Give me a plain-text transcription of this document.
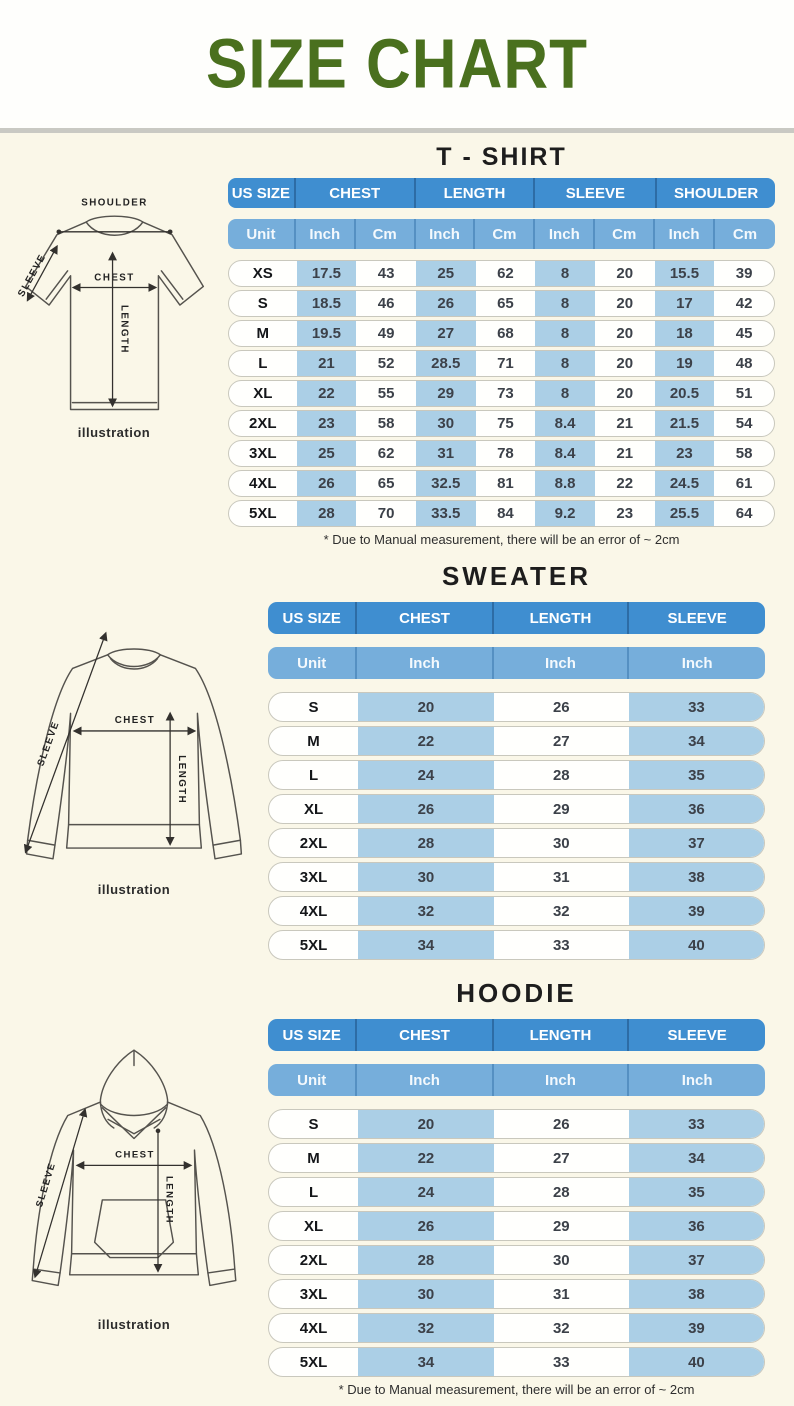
SIZE CHART
T - SHIRT
SHOULDER
SLEEVE	CHEST
LENGTH
illustration
US SIZE	CHEST	LENGTH	SLEEVE	SHOULDER
Unit	Inch	Cm	Inch	Cm	Inch	Cm	Inch	Cm
XS	17.5	43	25	62	8	20	15.5	39
S	18.5	46	26	65	8	20	17	42
M	19.5	49	27	68	8	20	18	45
L	21	52	28.5	71	8	20	19	48
XL	22	55	29	73	8	20	20.5	51
2XL	23	58	30	75	8.4	21	21.5	54
3XL	25	62	31	78	8.4	21	23	58
4XL	26	65	32.5	81	8.8	22	24.5	61
5XL	28	70	33.5	84	9.2	23	25.5	64

* Due to Manual measurement, there will be an error of ~ 2cm

SWEATER
SLEEVE	CHEST
LENGTH
illustration
US SIZE	CHEST	LENGTH	SLEEVE
Unit	Inch	Inch	Inch
S	20	26	33
M	22	27	34
L	24	28	35
XL	26	29	36
2XL	28	30	37
3XL	30	31	38
4XL	32	32	39
5XL	34	33	40
HOODIE
SLEEVE
CHEST
LENGTH
illustration
US SIZE	CHEST	LENGTH	SLEEVE
Unit	Inch	Inch	Inch
S	20	26	33
M	22	27	34
L	24	28	35
XL	26	29	36
2XL	28	30	37
3XL	30	31	38
4XL	32	32	39
5XL	34	33	40

* Due to Manual measurement, there will be an error of ~ 2cm
